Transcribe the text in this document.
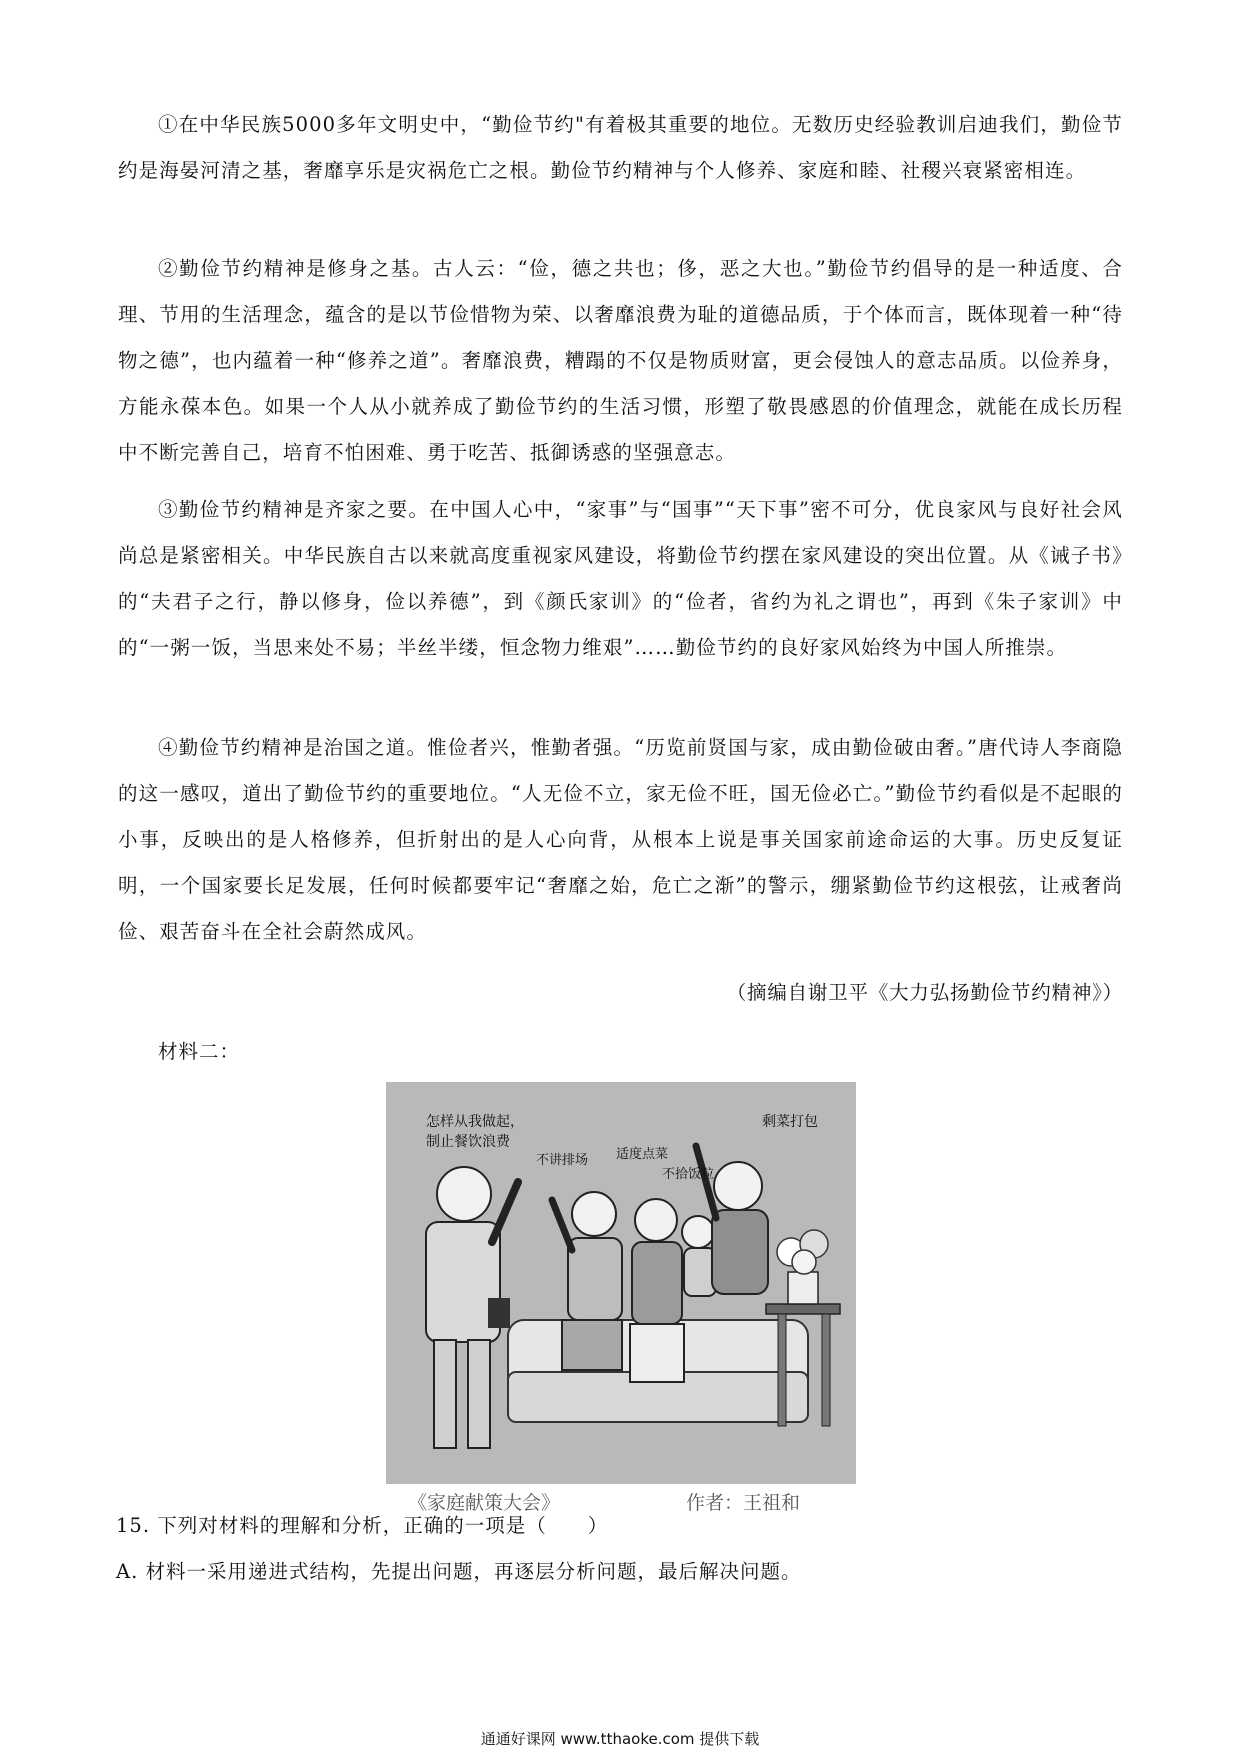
①在中华民族5000多年文明史中，“勤俭节约"有着极其重要的地位。无数历史经验教训启迪我们，勤俭节约是海晏河清之基，奢靡享乐是灾祸危亡之根。勤俭节约精神与个人修养、家庭和睦、社稷兴衰紧密相连。

②勤俭节约精神是修身之基。古人云：“俭，德之共也；侈，恶之大也。”勤俭节约倡导的是一种适度、合理、节用的生活理念，蕴含的是以节俭惜物为荣、以奢靡浪费为耻的道德品质，于个体而言，既体现着一种“待物之德”，也内蕴着一种“修养之道”。奢靡浪费，糟蹋的不仅是物质财富，更会侵蚀人的意志品质。以俭养身，方能永葆本色。如果一个人从小就养成了勤俭节约的生活习惯，形塑了敬畏感恩的价值理念，就能在成长历程中不断完善自己，培育不怕困难、勇于吃苦、抵御诱惑的坚强意志。

③勤俭节约精神是齐家之要。在中国人心中，“家事”与“国事”“天下事”密不可分，优良家风与良好社会风尚总是紧密相关。中华民族自古以来就高度重视家风建设，将勤俭节约摆在家风建设的突出位置。从《诫子书》的“夫君子之行，静以修身，俭以养德”，到《颜氏家训》的“俭者，省约为礼之谓也”，再到《朱子家训》中的“一粥一饭，当思来处不易；半丝半缕，恒念物力维艰”……勤俭节约的良好家风始终为中国人所推崇。

④勤俭节约精神是治国之道。惟俭者兴，惟勤者强。“历览前贤国与家，成由勤俭破由奢。”唐代诗人李商隐的这一感叹，道出了勤俭节约的重要地位。“人无俭不立，家无俭不旺，国无俭必亡。”勤俭节约看似是不起眼的小事，反映出的是人格修养，但折射出的是人心向背，从根本上说是事关国家前途命运的大事。历史反复证明，一个国家要长足发展，任何时候都要牢记“奢靡之始，危亡之渐”的警示，绷紧勤俭节约这根弦，让戒奢尚俭、艰苦奋斗在全社会蔚然成风。

（摘编自谢卫平《大力弘扬勤俭节约精神》）

材料二：

怎样从我做起，
制止餐饮浪费
不讲排场 适度点菜
不拾饭粒
剩菜打包
《家庭献策大会》	作者：王祖和

15. 下列对材料的理解和分析，正确的一项是（　　）

A. 材料一采用递进式结构，先提出问题，再逐层分析问题，最后解决问题。

通通好课网 www.tthaoke.com 提供下载
